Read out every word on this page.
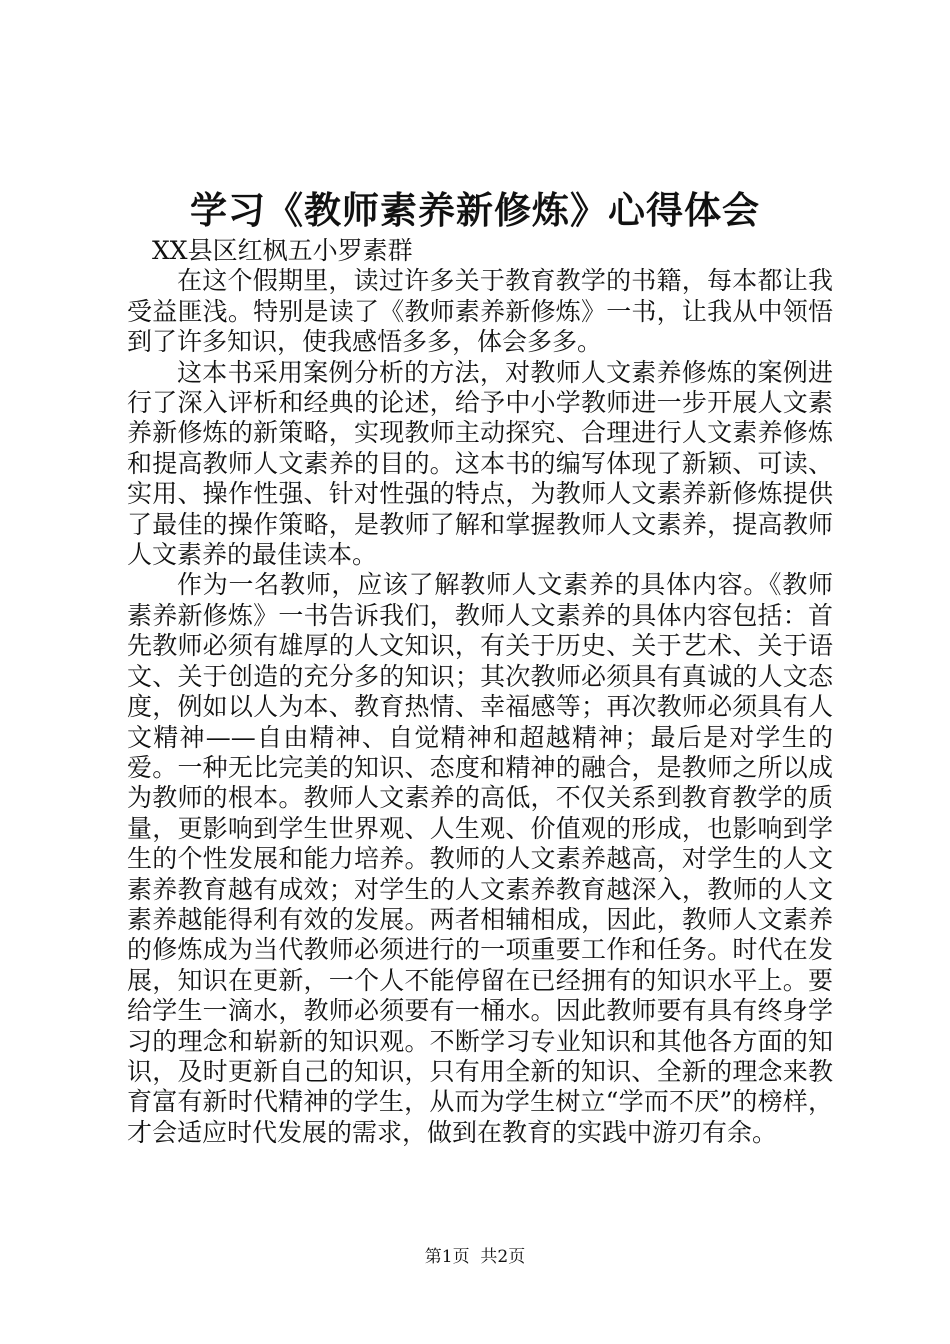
学习《教师素养新修炼》心得体会

XX县区红枫五小罗素群

在这个假期里，读过许多关于教育教学的书籍，每本都让我受益匪浅。特别是读了《教师素养新修炼》一书，让我从中领悟到了许多知识，使我感悟多多，体会多多。

这本书采用案例分析的方法，对教师人文素养修炼的案例进行了深入评析和经典的论述，给予中小学教师进一步开展人文素养新修炼的新策略，实现教师主动探究、合理进行人文素养修炼和提高教师人文素养的目的。这本书的编写体现了新颖、可读、实用、操作性强、针对性强的特点，为教师人文素养新修炼提供了最佳的操作策略，是教师了解和掌握教师人文素养，提高教师人文素养的最佳读本。

作为一名教师，应该了解教师人文素养的具体内容。《教师素养新修炼》一书告诉我们，教师人文素养的具体内容包括：首先教师必须有雄厚的人文知识，有关于历史、关于艺术、关于语文、关于创造的充分多的知识；其次教师必须具有真诚的人文态度，例如以人为本、教育热情、幸福感等；再次教师必须具有人文精神——自由精神、自觉精神和超越精神；最后是对学生的爱。一种无比完美的知识、态度和精神的融合，是教师之所以成为教师的根本。教师人文素养的高低，不仅关系到教育教学的质量，更影响到学生世界观、人生观、价值观的形成，也影响到学生的个性发展和能力培养。教师的人文素养越高，对学生的人文素养教育越有成效；对学生的人文素养教育越深入，教师的人文素养越能得利有效的发展。两者相辅相成，因此，教师人文素养的修炼成为当代教师必须进行的一项重要工作和任务。时代在发展，知识在更新，一个人不能停留在已经拥有的知识水平上。要给学生一滴水，教师必须要有一桶水。因此教师要有具有终身学习的理念和崭新的知识观。不断学习专业知识和其他各方面的知识，及时更新自己的知识，只有用全新的知识、全新的理念来教育富有新时代精神的学生，从而为学生树立“学而不厌”的榜样，才会适应时代发展的需求，做到在教育的实践中游刃有余。

第1页  共2页
